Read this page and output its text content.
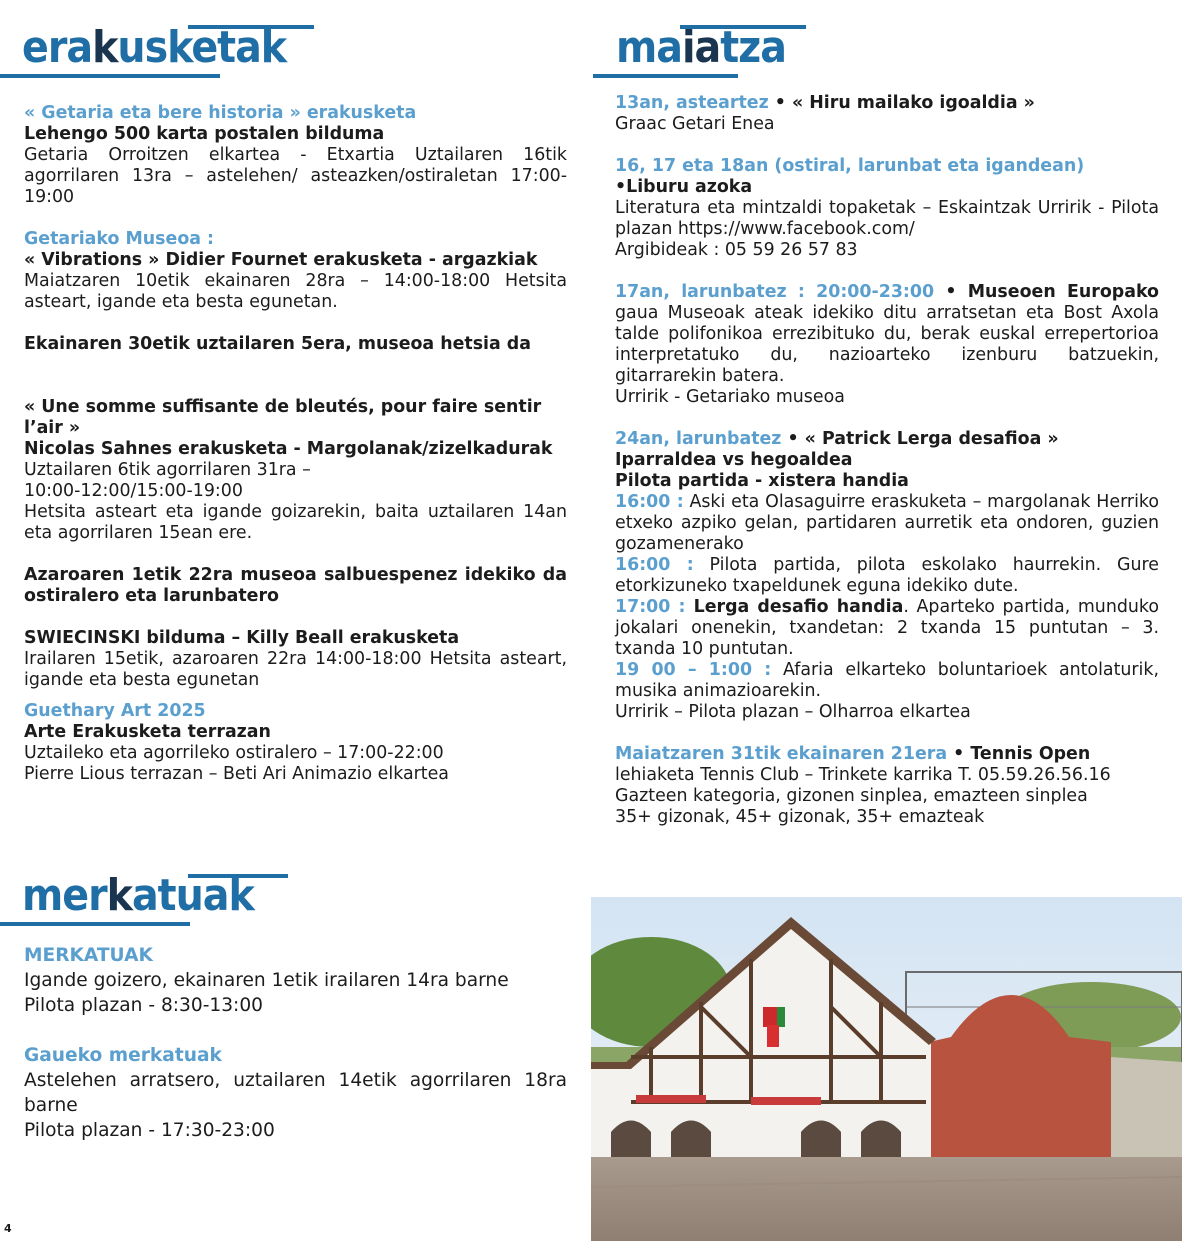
erakusketak	maiatza
merkatuak

« Getaria eta bere historia » erakusketa

Lehengo 500 karta postalen bilduma

Getaria Orroitzen elkartea - Etxartia Uztailaren 16tik agorrilaren 13ra – astelehen/ asteazken/ostiraletan 17:00-19:00

Getariako Museoa :

« Vibrations » Didier Fournet erakusketa - argazkiak

Maiatzaren 10etik ekainaren 28ra – 14:00-18:00 Hetsita asteart, igande eta besta egunetan.

Ekainaren 30etik uztailaren 5era, museoa hetsia da

« Une somme suffisante de bleutés, pour faire sentir l’air »

Nicolas Sahnes erakusketa - Margolanak/zizelkadurak

Uztailaren 6tik agorrilaren 31ra –

10:00-12:00/15:00-19:00

Hetsita asteart eta igande goizarekin, baita uztailaren 14an eta agorrilaren 15ean ere.

Azaroaren 1etik 22ra museoa salbuespenez idekiko da ostiralero eta larunbatero

SWIECINSKI bilduma – Killy Beall erakusketa

Irailaren 15etik, azaroaren 22ra 14:00-18:00 Hetsita asteart, igande eta besta egunetan

Guethary Art 2025

Arte Erakusketa terrazan

Uztaileko eta agorrileko ostiralero – 17:00-22:00

Pierre Lious terrazan – Beti Ari Animazio elkartea

13an, asteartez • « Hiru mailako igoaldia »

Graac Getari Enea

16, 17 eta 18an (ostiral, larunbat eta igandean)

•Liburu azoka

Literatura eta mintzaldi topaketak – Eskaintzak Urririk - Pilota plazan https://www.facebook.com/

Argibideak : 05 59 26 57 83

17an, larunbatez : 20:00-23:00 • Museoen Europako gaua Museoak ateak idekiko ditu arratsetan eta Bost Axola talde polifonikoa errezibituko du, berak euskal errepertorioa interpretatuko du, nazioarteko izenburu batzuekin, gitarrarekin batera.

Urririk - Getariako museoa

24an, larunbatez • « Patrick Lerga desafioa »

Iparraldea vs hegoaldea

Pilota partida - xistera handia

16:00 : Aski eta Olasaguirre eraskuketa – margolanak Herriko etxeko azpiko gelan, partidaren aurretik eta ondoren, guzien gozamenerako

16:00 : Pilota partida, pilota eskolako haurrekin. Gure etorkizuneko txapeldunek eguna idekiko dute.

17:00 : Lerga desafio handia. Aparteko partida, munduko jokalari onenekin, txandetan: 2 txanda 15 puntutan – 3. txanda 10 puntutan.

19 00 – 1:00 : Afaria elkarteko boluntarioek antolaturik, musika animazioarekin.

Urririk – Pilota plazan – Olharroa elkartea

Maiatzaren 31tik ekainaren 21era • Tennis Open

lehiaketa Tennis Club – Trinkete karrika T. 05.59.26.56.16

Gazteen kategoria, gizonen sinplea, emazteen sinplea

35+ gizonak, 45+ gizonak, 35+ emazteak

MERKATUAK

Igande goizero, ekainaren 1etik irailaren 14ra barne

Pilota plazan - 8:30-13:00

Gaueko merkatuak

Astelehen arratsero, uztailaren 14etik agorrilaren 18ra barne

Pilota plazan - 17:30-23:00

4
